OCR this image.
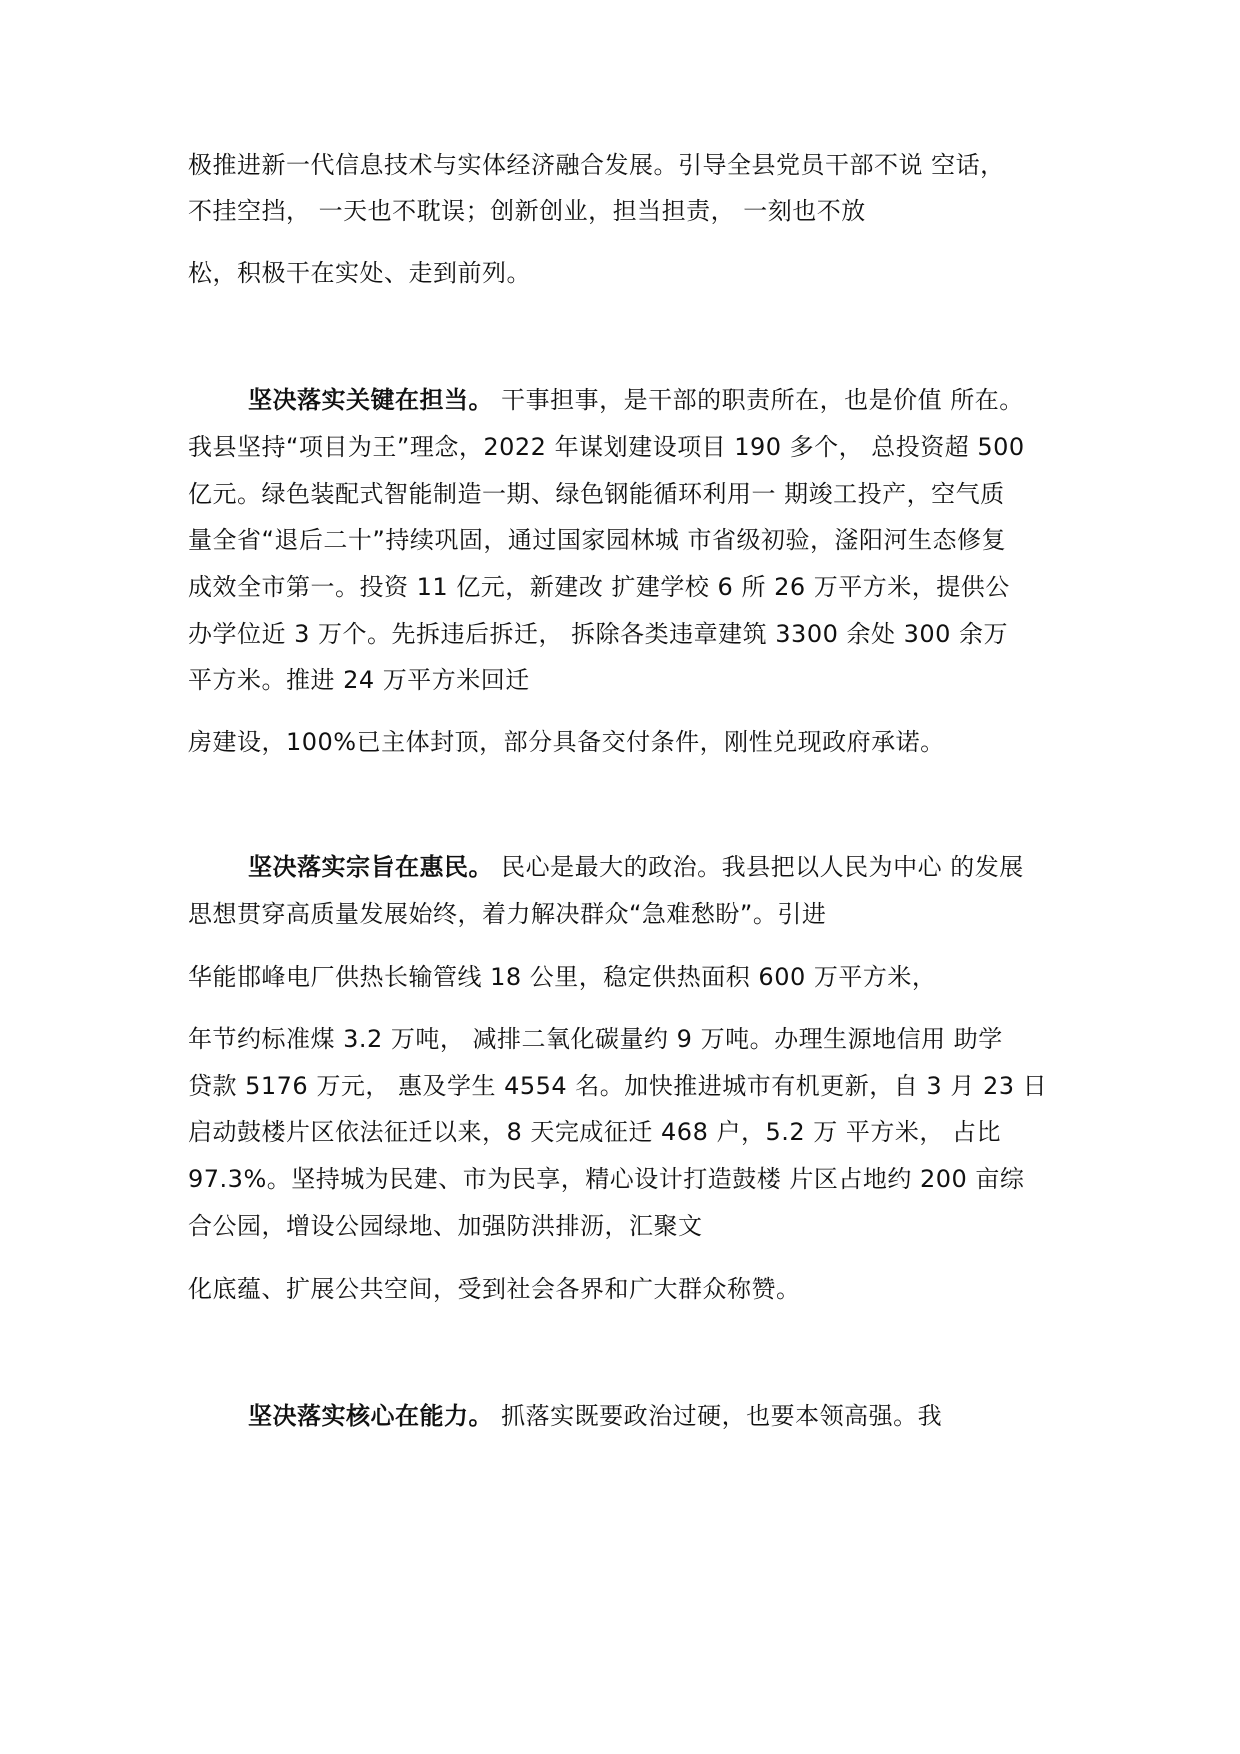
极推进新一代信息技术与实体经济融合发展。引导全县党员干部不说 空话，

不挂空挡， 一天也不耽误；创新创业，担当担责， 一刻也不放

松，积极干在实处、走到前列。

坚决落实关键在担当。 干事担事，是干部的职责所在，也是价值 所在。

我县坚持“项目为王”理念，2022 年谋划建设项目 190 多个， 总投资超 500

亿元。绿色装配式智能制造一期、绿色钢能循环利用一 期竣工投产，空气质

量全省“退后二十”持续巩固，通过国家园林城 市省级初验，滏阳河生态修复

成效全市第一。投资 11 亿元，新建改 扩建学校 6 所 26 万平方米，提供公

办学位近 3 万个。先拆违后拆迁， 拆除各类违章建筑 3300 余处 300 余万

平方米。推进 24 万平方米回迁

房建设，100%已主体封顶，部分具备交付条件，刚性兑现政府承诺。

坚决落实宗旨在惠民。 民心是最大的政治。我县把以人民为中心 的发展

思想贯穿高质量发展始终，着力解决群众“急难愁盼”。引进

华能邯峰电厂供热长输管线 18 公里，稳定供热面积 600 万平方米，

年节约标准煤 3.2 万吨， 减排二氧化碳量约 9 万吨。办理生源地信用 助学

贷款 5176 万元， 惠及学生 4554 名。加快推进城市有机更新，自 3 月 23 日

启动鼓楼片区依法征迁以来，8 天完成征迁 468 户，5.2 万 平方米， 占比

97.3%。坚持城为民建、市为民享，精心设计打造鼓楼 片区占地约 200 亩综

合公园，增设公园绿地、加强防洪排沥，汇聚文

化底蕴、扩展公共空间，受到社会各界和广大群众称赞。

坚决落实核心在能力。 抓落实既要政治过硬，也要本领高强。我
